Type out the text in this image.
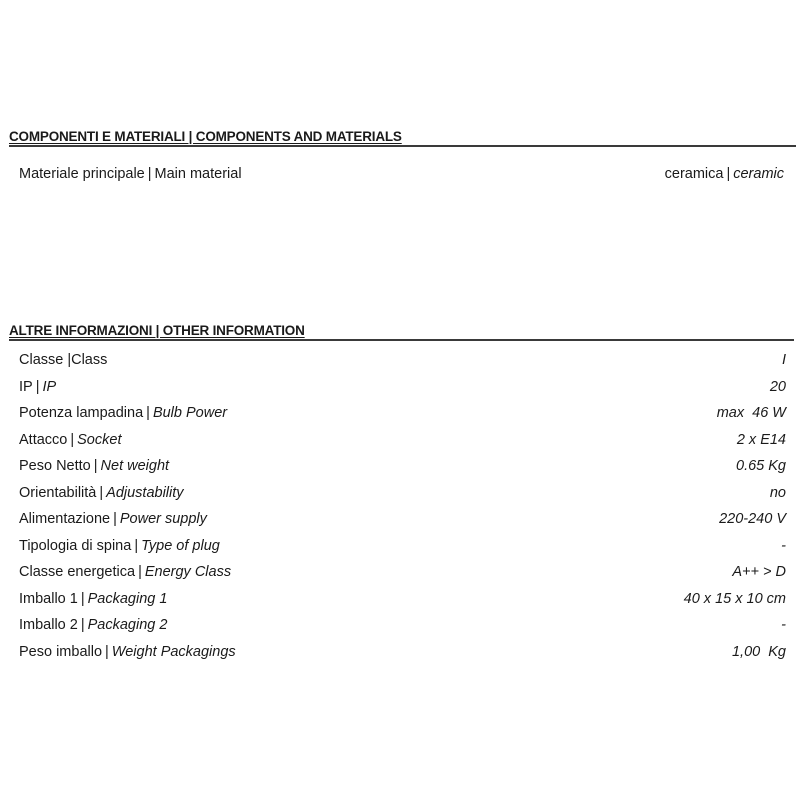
COMPONENTI E MATERIALI | COMPONENTS AND MATERIALS
Materiale principale | Main material	ceramica | ceramic
ALTRE INFORMAZIONI | OTHER INFORMATION
Classe |Class	I
IP | IP	20
Potenza lampadina | Bulb Power	max  46 W
Attacco | Socket	2 x E14
Peso Netto | Net weight	0.65 Kg
Orientabilità | Adjustability	no
Alimentazione | Power supply	220-240 V
Tipologia di spina | Type of plug	-
Classe energetica | Energy Class	A++ > D
Imballo 1 | Packaging 1	40 x 15 x 10 cm
Imballo 2 | Packaging 2	-
Peso imballo | Weight Packagings	1,00  Kg
